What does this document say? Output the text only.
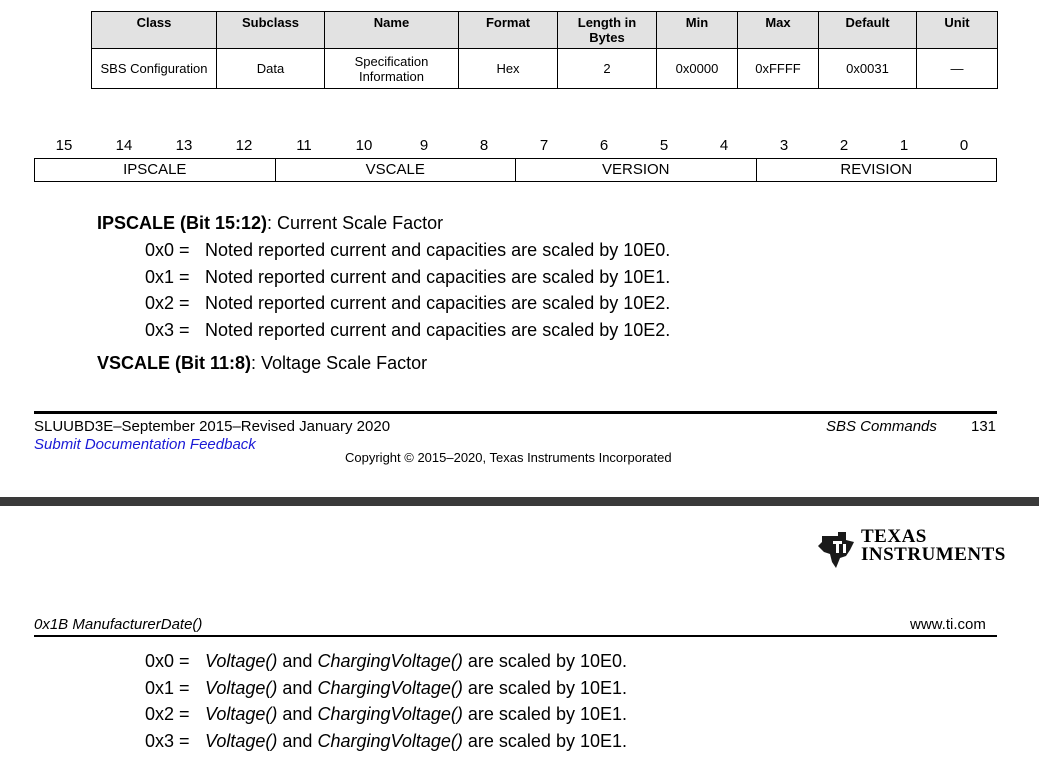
Class	Subclass	Name	Format	Length in Bytes	Min	Max	Default	Unit
SBS Configuration	Data	Specification Information	Hex	2	0x0000	0xFFFF	0x0031	—
15	14	13	12	11	10	9	8	7	6	5	4	3	2	1	0
IPSCALE	VSCALE	VERSION	REVISION
IPSCALE (Bit 15:12): Current Scale Factor
0x0 = Noted reported current and capacities are scaled by 10E0.
0x1 = Noted reported current and capacities are scaled by 10E1.
0x2 = Noted reported current and capacities are scaled by 10E2.
0x3 = Noted reported current and capacities are scaled by 10E2.
VSCALE (Bit 11:8): Voltage Scale Factor
SLUUBD3E–September 2015–Revised January 2020
Submit Documentation Feedback
SBS Commands 131
Copyright © 2015–2020, Texas Instruments Incorporated
TEXAS
INSTRUMENTS
0x1B ManufacturerDate()	www.ti.com
0x0 = Voltage() and ChargingVoltage() are scaled by 10E0.
0x1 = Voltage() and ChargingVoltage() are scaled by 10E1.
0x2 = Voltage() and ChargingVoltage() are scaled by 10E1.
0x3 = Voltage() and ChargingVoltage() are scaled by 10E1.
